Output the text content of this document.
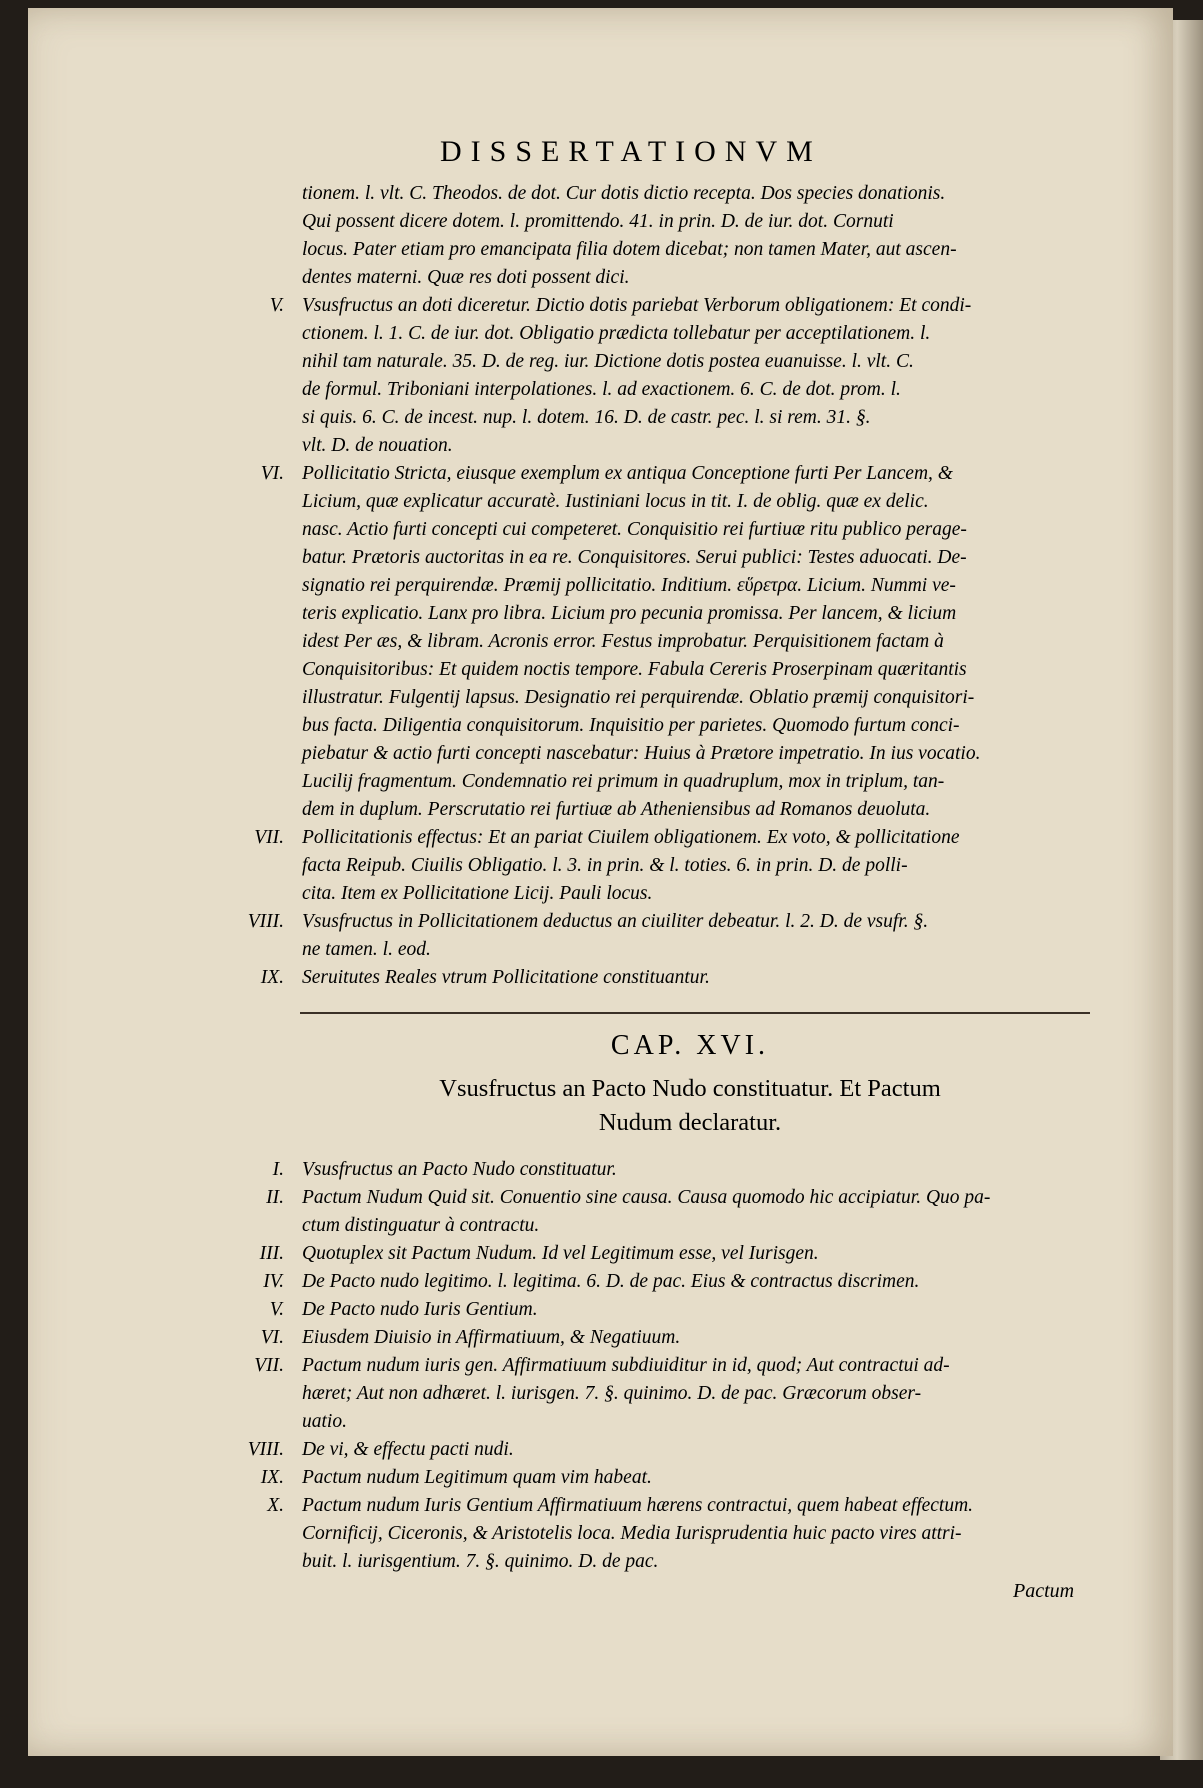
DISSERTATIONVM

tionem. l. vlt. C. Theodos. de dot. Cur dotis dictio recepta. Dos species donationis.

Qui possent dicere dotem. l. promittendo. 41. in prin. D. de iur. dot. Cornuti

locus. Pater etiam pro emancipata filia dotem dicebat; non tamen Mater, aut ascen-

dentes materni. Quæ res doti possent dici.

V. Vsusfructus an doti diceretur. Dictio dotis pariebat Verborum obligationem: Et condi-

ctionem. l. 1. C. de iur. dot. Obligatio prædicta tollebatur per acceptilationem. l.

nihil tam naturale. 35. D. de reg. iur. Dictione dotis postea euanuisse. l. vlt. C.

de formul. Triboniani interpolationes. l. ad exactionem. 6. C. de dot. prom. l.

si quis. 6. C. de incest. nup. l. dotem. 16. D. de castr. pec. l. si rem. 31. §.

vlt. D. de nouation.

VI. Pollicitatio Stricta, eiusque exemplum ex antiqua Conceptione furti Per Lancem, &

Licium, quæ explicatur accuratè. Iustiniani locus in tit. I. de oblig. quæ ex delic.

nasc. Actio furti concepti cui competeret. Conquisitio rei furtiuæ ritu publico perage-

batur. Prætoris auctoritas in ea re. Conquisitores. Serui publici: Testes aduocati. De-

signatio rei perquirendæ. Præmij pollicitatio. Inditium. εὕρετρα. Licium. Nummi ve-

teris explicatio. Lanx pro libra. Licium pro pecunia promissa. Per lancem, & licium

idest Per æs, & libram. Acronis error. Festus improbatur. Perquisitionem factam à

Conquisitoribus: Et quidem noctis tempore. Fabula Cereris Proserpinam quæritantis

illustratur. Fulgentij lapsus. Designatio rei perquirendæ. Oblatio præmij conquisitori-

bus facta. Diligentia conquisitorum. Inquisitio per parietes. Quomodo furtum conci-

piebatur & actio furti concepti nascebatur: Huius à Prætore impetratio. In ius vocatio.

Lucilij fragmentum. Condemnatio rei primum in quadruplum, mox in triplum, tan-

dem in duplum. Perscrutatio rei furtiuæ ab Atheniensibus ad Romanos deuoluta.

VII. Pollicitationis effectus: Et an pariat Ciuilem obligationem. Ex voto, & pollicitatione

facta Reipub. Ciuilis Obligatio. l. 3. in prin. & l. toties. 6. in prin. D. de polli-

cita. Item ex Pollicitatione Licij. Pauli locus.

VIII. Vsusfructus in Pollicitationem deductus an ciuiliter debeatur. l. 2. D. de vsufr. §.

ne tamen. l. eod.

IX. Seruitutes Reales vtrum Pollicitatione constituantur.

CAP. XVI.
Vsusfructus an Pacto Nudo constituatur. Et Pactum
Nudum declaratur.

I. Vsusfructus an Pacto Nudo constituatur.

II. Pactum Nudum Quid sit. Conuentio sine causa. Causa quomodo hic accipiatur. Quo pa-

ctum distinguatur à contractu.

III. Quotuplex sit Pactum Nudum. Id vel Legitimum esse, vel Iurisgen.

IV. De Pacto nudo legitimo. l. legitima. 6. D. de pac. Eius & contractus discrimen.

V. De Pacto nudo Iuris Gentium.

VI. Eiusdem Diuisio in Affirmatiuum, & Negatiuum.

VII. Pactum nudum iuris gen. Affirmatiuum subdiuiditur in id, quod; Aut contractui ad-

hæret; Aut non adhæret. l. iurisgen. 7. §. quinimo. D. de pac. Græcorum obser-

uatio.

VIII. De vi, & effectu pacti nudi.

IX. Pactum nudum Legitimum quam vim habeat.

X. Pactum nudum Iuris Gentium Affirmatiuum hærens contractui, quem habeat effectum.

Cornificij, Ciceronis, & Aristotelis loca. Media Iurisprudentia huic pacto vires attri-

buit. l. iurisgentium. 7. §. quinimo. D. de pac.

Pactum
